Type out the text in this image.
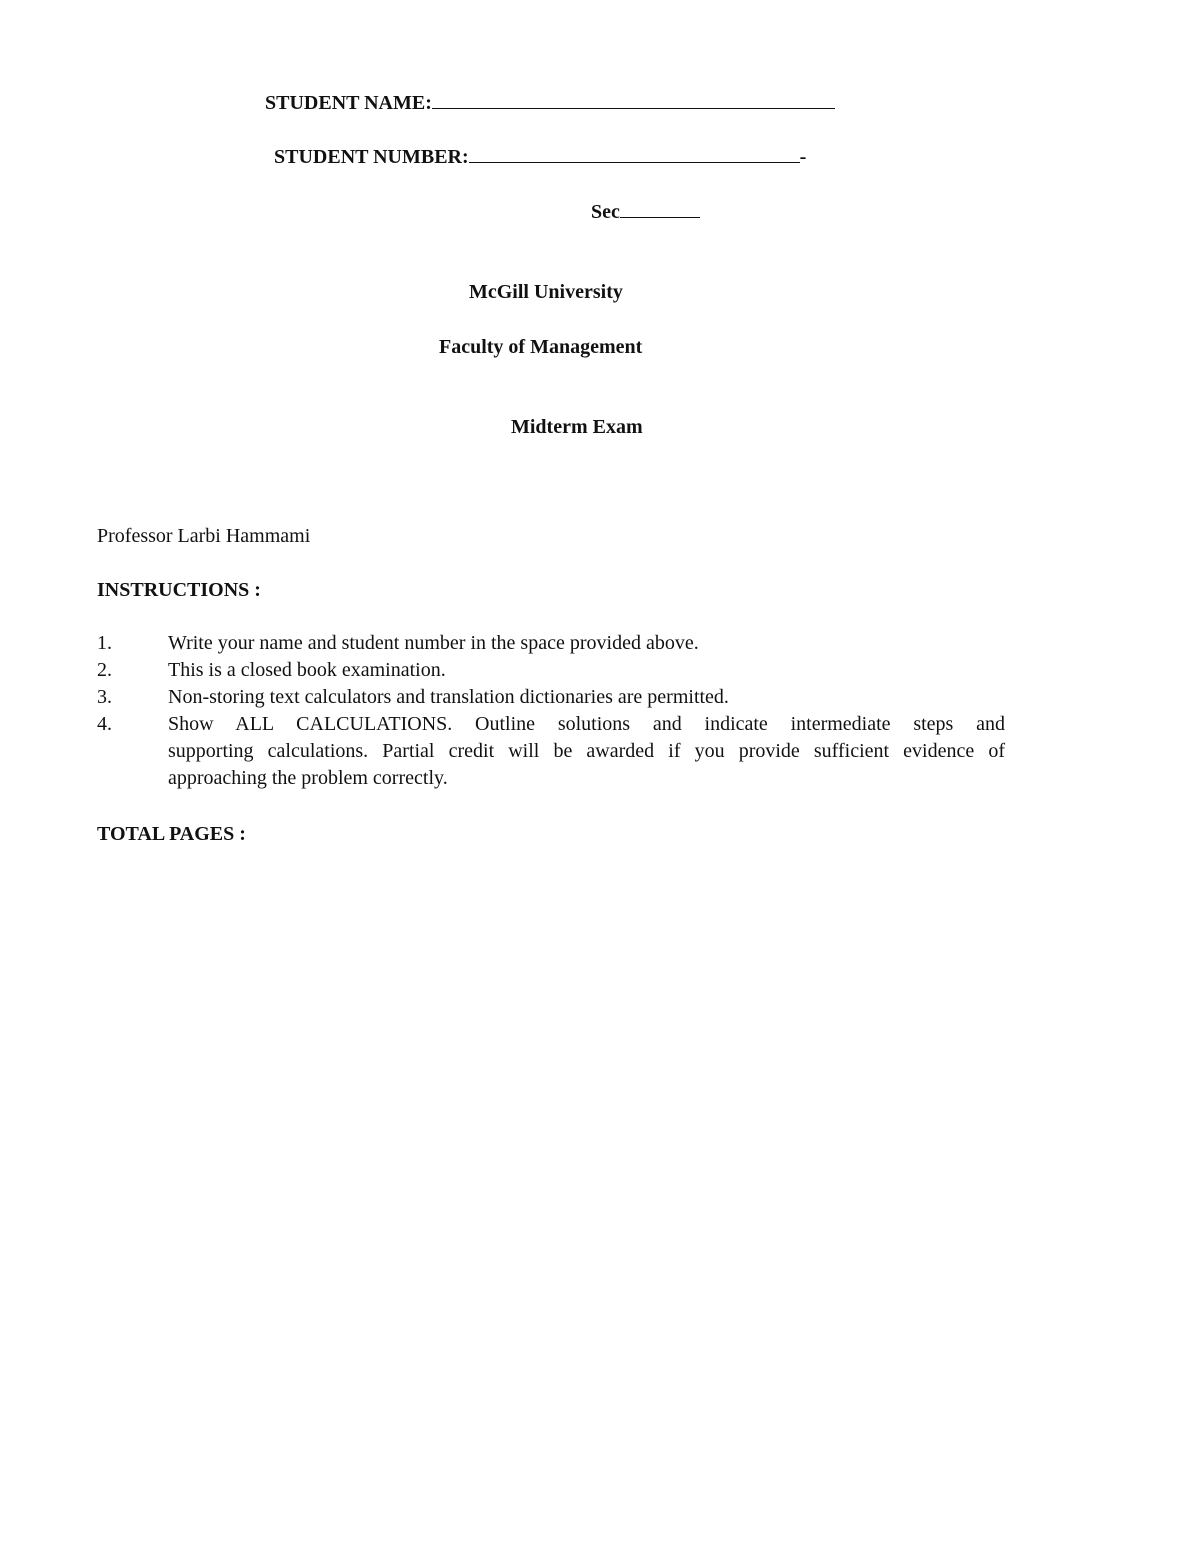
STUDENT NAME:
STUDENT NUMBER:	-
Sec
McGill University
Faculty of Management
Midterm Exam
Professor Larbi Hammami
INSTRUCTIONS :
1.	Write your name and student number in the space provided above.
2.	This is a closed book examination.
3.	Non-storing text calculators and translation dictionaries are permitted.
4.	Show ALL CALCULATIONS. Outline solutions and indicate intermediate steps and
supporting calculations. Partial credit will be awarded if you provide sufficient evidence of
approaching the problem correctly.
TOTAL PAGES :
